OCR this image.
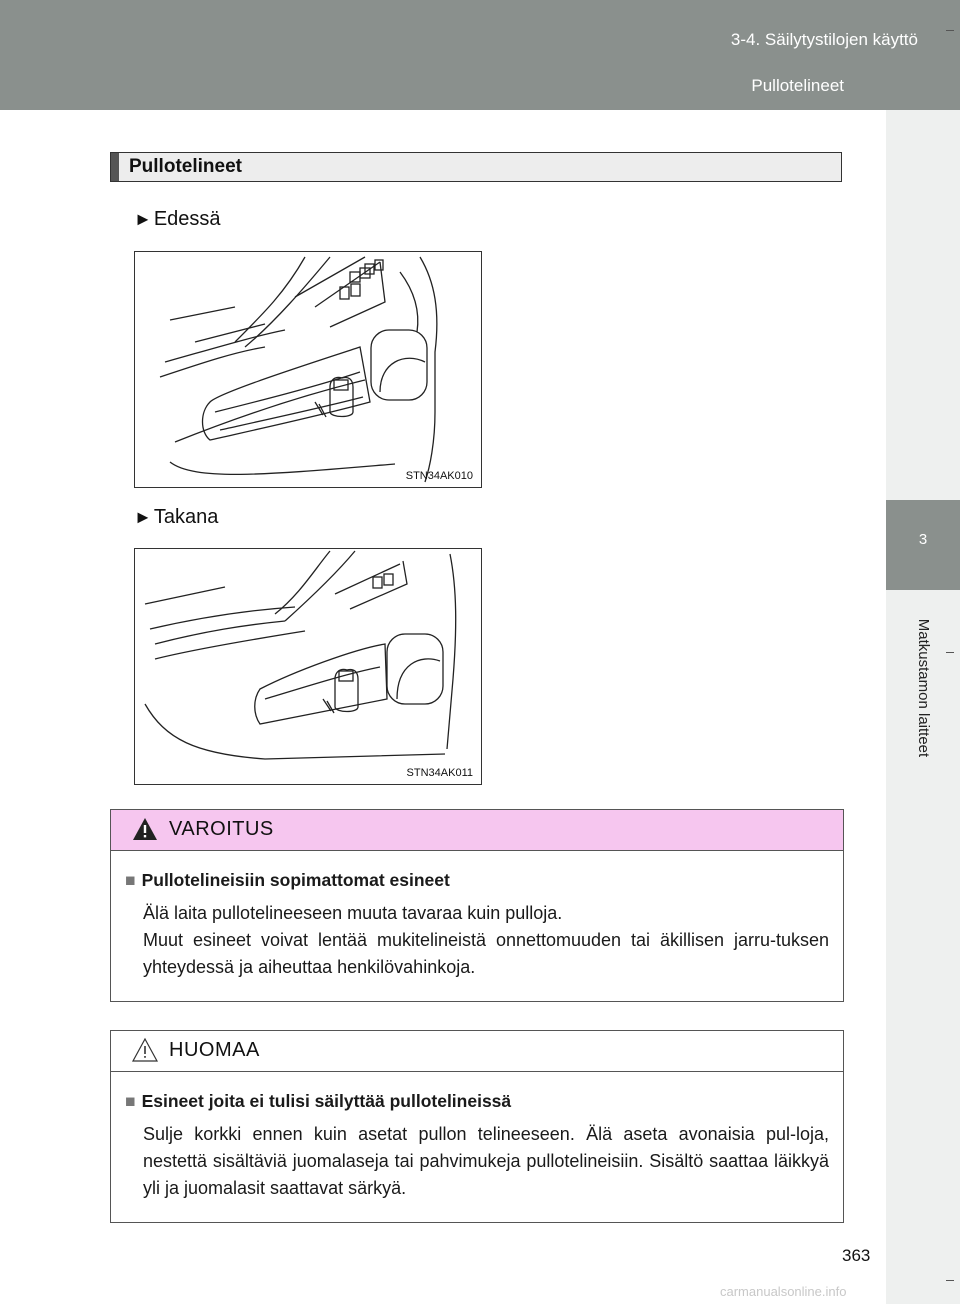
3-4. Säilytystilojen käyttö
Pullotelineet
3
Matkustamon laitteet
Pullotelineet
► Edessä
STN34AK010
► Takana
STN34AK011
VAROITUS
■ Pullotelineisiin sopimattomat esineet

Älä laita pullotelineeseen muuta tavaraa kuin pulloja.
Muut esineet voivat lentää mukitelineistä onnettomuuden tai äkillisen jarru-tuksen yhteydessä ja aiheuttaa henkilövahinkoja.

HUOMAA
■ Esineet joita ei tulisi säilyttää pullotelineissä

Sulje korkki ennen kuin asetat pullon telineeseen. Älä aseta avonaisia pul-loja, nestettä sisältäviä juomalaseja tai pahvimukeja pullotelineisiin. Sisältö saattaa läikkyä yli ja juomalasit saattavat särkyä.

363
carmanualsonline.info
